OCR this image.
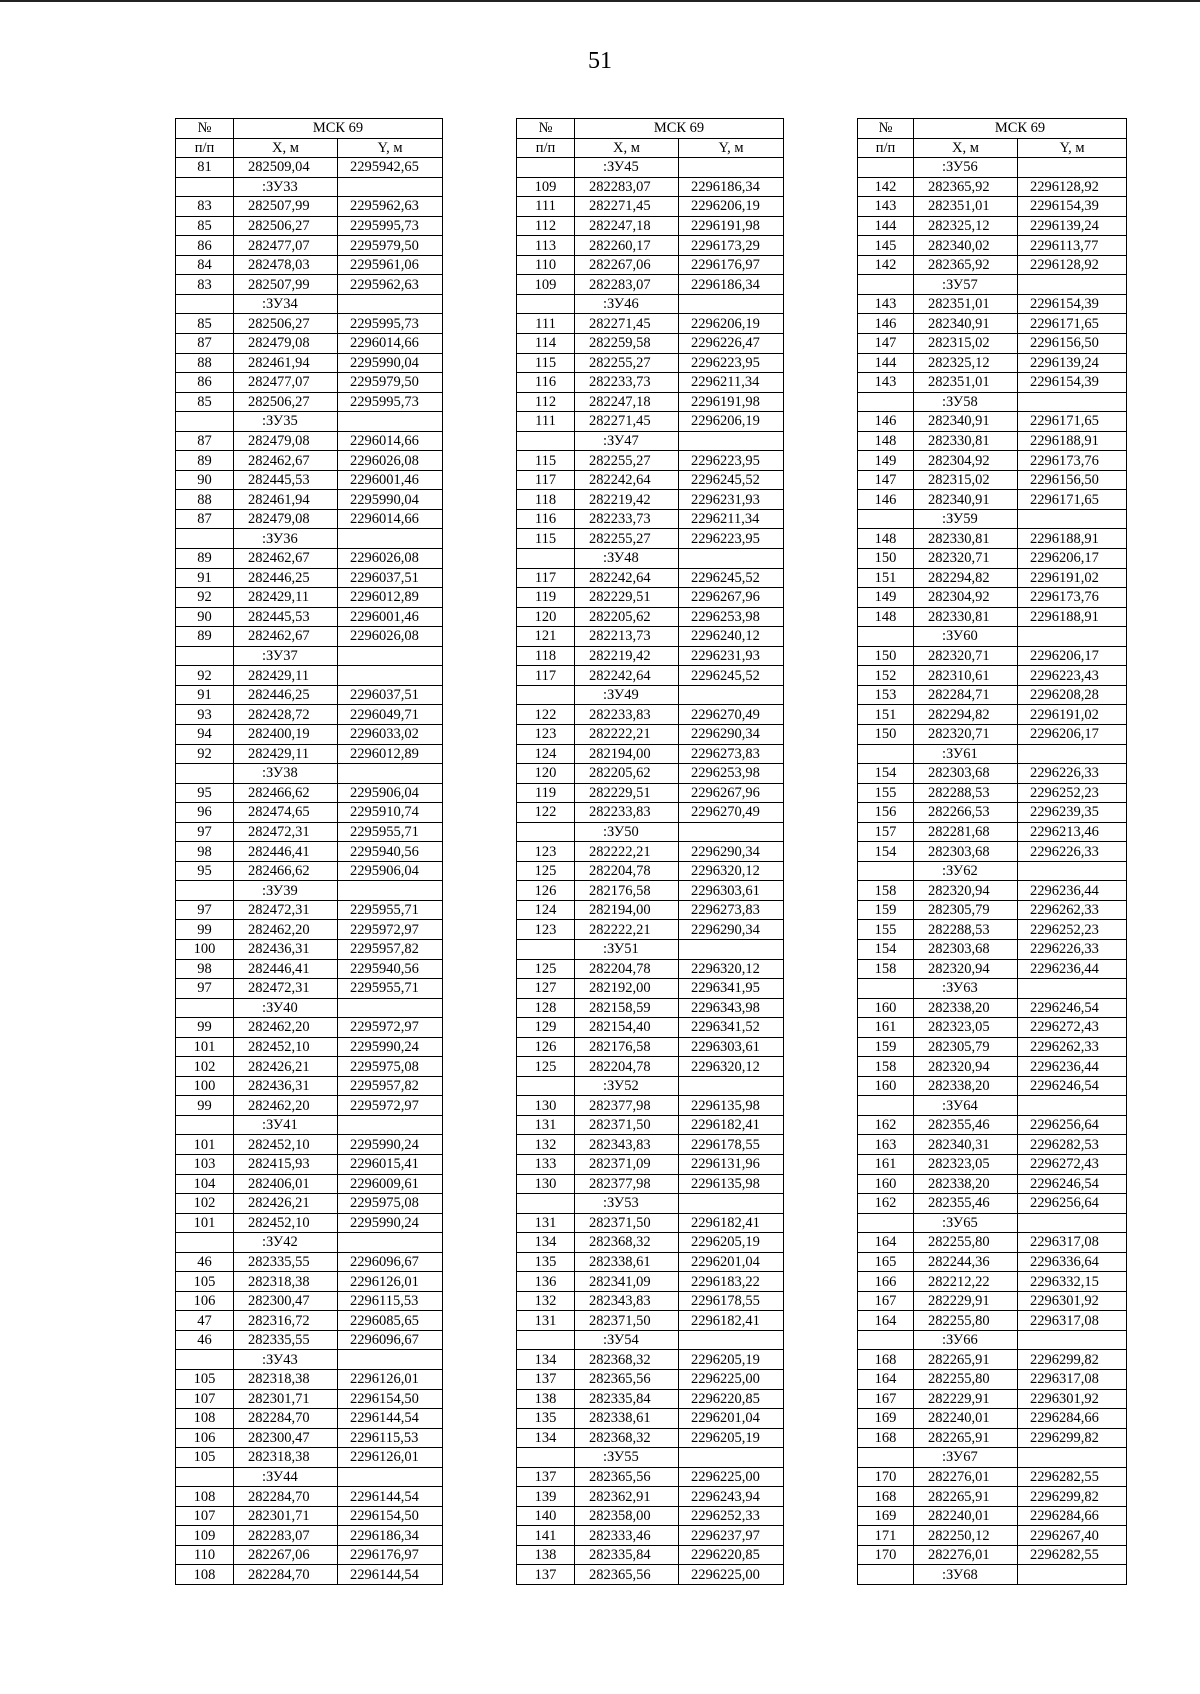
51
№	МСК 69	
п/п	X, м	Y, м
81	282509,04	2295942,65
	:ЗУ33	
83	282507,99	2295962,63
85	282506,27	2295995,73
86	282477,07	2295979,50
84	282478,03	2295961,06
83	282507,99	2295962,63
	:ЗУ34	
85	282506,27	2295995,73
87	282479,08	2296014,66
88	282461,94	2295990,04
86	282477,07	2295979,50
85	282506,27	2295995,73
	:ЗУ35	
87	282479,08	2296014,66
89	282462,67	2296026,08
90	282445,53	2296001,46
88	282461,94	2295990,04
87	282479,08	2296014,66
	:ЗУ36	
89	282462,67	2296026,08
91	282446,25	2296037,51
92	282429,11	2296012,89
90	282445,53	2296001,46
89	282462,67	2296026,08
	:ЗУ37	
92	282429,11	
91	282446,25	2296037,51
93	282428,72	2296049,71
94	282400,19	2296033,02
92	282429,11	2296012,89
	:ЗУ38	
95	282466,62	2295906,04
96	282474,65	2295910,74
97	282472,31	2295955,71
98	282446,41	2295940,56
95	282466,62	2295906,04
	:ЗУ39	
97	282472,31	2295955,71
99	282462,20	2295972,97
100	282436,31	2295957,82
98	282446,41	2295940,56
97	282472,31	2295955,71
	:ЗУ40	
99	282462,20	2295972,97
101	282452,10	2295990,24
102	282426,21	2295975,08
100	282436,31	2295957,82
99	282462,20	2295972,97
	:ЗУ41	
101	282452,10	2295990,24
103	282415,93	2296015,41
104	282406,01	2296009,61
102	282426,21	2295975,08
101	282452,10	2295990,24
	:ЗУ42	
46	282335,55	2296096,67
105	282318,38	2296126,01
106	282300,47	2296115,53
47	282316,72	2296085,65
46	282335,55	2296096,67
	:ЗУ43	
105	282318,38	2296126,01
107	282301,71	2296154,50
108	282284,70	2296144,54
106	282300,47	2296115,53
105	282318,38	2296126,01
	:ЗУ44	
108	282284,70	2296144,54
107	282301,71	2296154,50
109	282283,07	2296186,34
110	282267,06	2296176,97
108	282284,70	2296144,54
№	МСК 69	
п/п	X, м	Y, м
	:ЗУ45	
109	282283,07	2296186,34
111	282271,45	2296206,19
112	282247,18	2296191,98
113	282260,17	2296173,29
110	282267,06	2296176,97
109	282283,07	2296186,34
	:ЗУ46	
111	282271,45	2296206,19
114	282259,58	2296226,47
115	282255,27	2296223,95
116	282233,73	2296211,34
112	282247,18	2296191,98
111	282271,45	2296206,19
	:ЗУ47	
115	282255,27	2296223,95
117	282242,64	2296245,52
118	282219,42	2296231,93
116	282233,73	2296211,34
115	282255,27	2296223,95
	:ЗУ48	
117	282242,64	2296245,52
119	282229,51	2296267,96
120	282205,62	2296253,98
121	282213,73	2296240,12
118	282219,42	2296231,93
117	282242,64	2296245,52
	:ЗУ49	
122	282233,83	2296270,49
123	282222,21	2296290,34
124	282194,00	2296273,83
120	282205,62	2296253,98
119	282229,51	2296267,96
122	282233,83	2296270,49
	:ЗУ50	
123	282222,21	2296290,34
125	282204,78	2296320,12
126	282176,58	2296303,61
124	282194,00	2296273,83
123	282222,21	2296290,34
	:ЗУ51	
125	282204,78	2296320,12
127	282192,00	2296341,95
128	282158,59	2296343,98
129	282154,40	2296341,52
126	282176,58	2296303,61
125	282204,78	2296320,12
	:ЗУ52	
130	282377,98	2296135,98
131	282371,50	2296182,41
132	282343,83	2296178,55
133	282371,09	2296131,96
130	282377,98	2296135,98
	:ЗУ53	
131	282371,50	2296182,41
134	282368,32	2296205,19
135	282338,61	2296201,04
136	282341,09	2296183,22
132	282343,83	2296178,55
131	282371,50	2296182,41
	:ЗУ54	
134	282368,32	2296205,19
137	282365,56	2296225,00
138	282335,84	2296220,85
135	282338,61	2296201,04
134	282368,32	2296205,19
	:ЗУ55	
137	282365,56	2296225,00
139	282362,91	2296243,94
140	282358,00	2296252,33
141	282333,46	2296237,97
138	282335,84	2296220,85
137	282365,56	2296225,00
№	МСК 69	
п/п	X, м	Y, м
	:ЗУ56	
142	282365,92	2296128,92
143	282351,01	2296154,39
144	282325,12	2296139,24
145	282340,02	2296113,77
142	282365,92	2296128,92
	:ЗУ57	
143	282351,01	2296154,39
146	282340,91	2296171,65
147	282315,02	2296156,50
144	282325,12	2296139,24
143	282351,01	2296154,39
	:ЗУ58	
146	282340,91	2296171,65
148	282330,81	2296188,91
149	282304,92	2296173,76
147	282315,02	2296156,50
146	282340,91	2296171,65
	:ЗУ59	
148	282330,81	2296188,91
150	282320,71	2296206,17
151	282294,82	2296191,02
149	282304,92	2296173,76
148	282330,81	2296188,91
	:ЗУ60	
150	282320,71	2296206,17
152	282310,61	2296223,43
153	282284,71	2296208,28
151	282294,82	2296191,02
150	282320,71	2296206,17
	:ЗУ61	
154	282303,68	2296226,33
155	282288,53	2296252,23
156	282266,53	2296239,35
157	282281,68	2296213,46
154	282303,68	2296226,33
	:ЗУ62	
158	282320,94	2296236,44
159	282305,79	2296262,33
155	282288,53	2296252,23
154	282303,68	2296226,33
158	282320,94	2296236,44
	:ЗУ63	
160	282338,20	2296246,54
161	282323,05	2296272,43
159	282305,79	2296262,33
158	282320,94	2296236,44
160	282338,20	2296246,54
	:ЗУ64	
162	282355,46	2296256,64
163	282340,31	2296282,53
161	282323,05	2296272,43
160	282338,20	2296246,54
162	282355,46	2296256,64
	:ЗУ65	
164	282255,80	2296317,08
165	282244,36	2296336,64
166	282212,22	2296332,15
167	282229,91	2296301,92
164	282255,80	2296317,08
	:ЗУ66	
168	282265,91	2296299,82
164	282255,80	2296317,08
167	282229,91	2296301,92
169	282240,01	2296284,66
168	282265,91	2296299,82
	:ЗУ67	
170	282276,01	2296282,55
168	282265,91	2296299,82
169	282240,01	2296284,66
171	282250,12	2296267,40
170	282276,01	2296282,55
	:ЗУ68	
